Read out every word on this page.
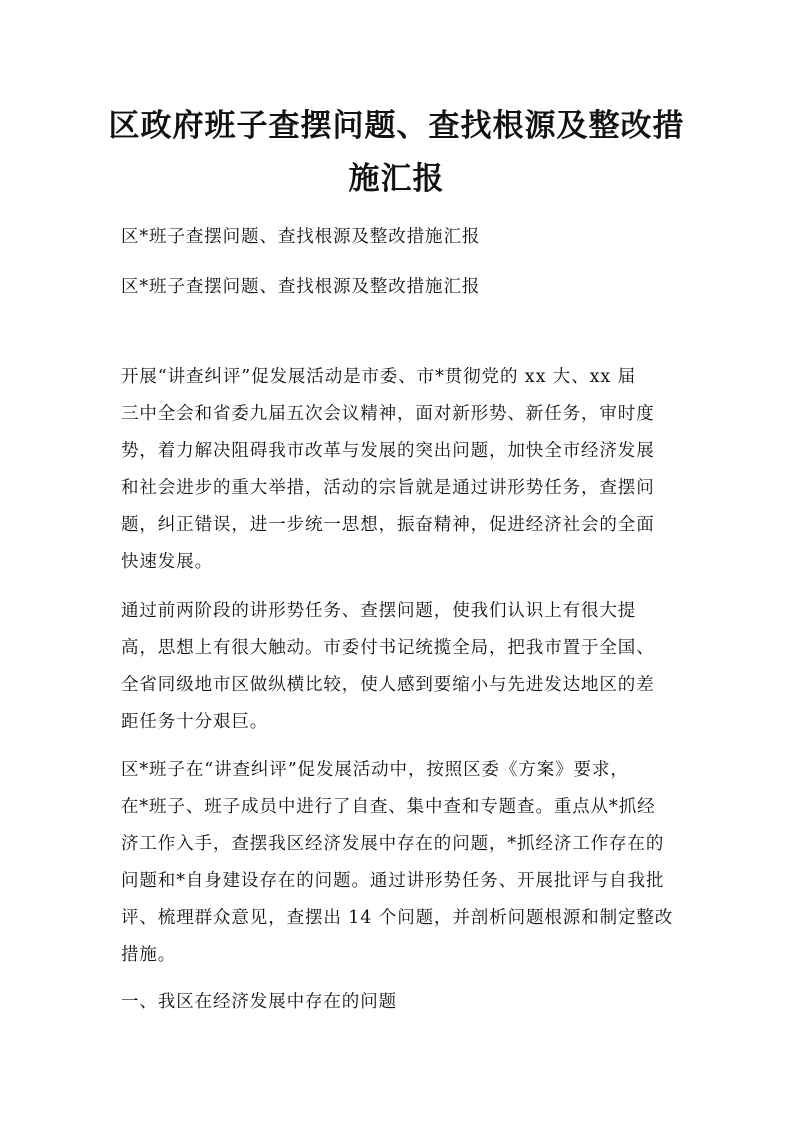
区政府班子查摆问题、查找根源及整改措
施汇报

区*班子查摆问题、查找根源及整改措施汇报

区*班子查摆问题、查找根源及整改措施汇报

开展“讲查纠评”促发展活动是市委、市*贯彻党的 xx 大、xx 届

三中全会和省委九届五次会议精神，面对新形势、新任务，审时度

势，着力解决阻碍我市改革与发展的突出问题，加快全市经济发展

和社会进步的重大举措，活动的宗旨就是通过讲形势任务，查摆问

题，纠正错误，进一步统一思想，振奋精神，促进经济社会的全面

快速发展。

通过前两阶段的讲形势任务、查摆问题，使我们认识上有很大提

高，思想上有很大触动。市委付书记统揽全局，把我市置于全国、

全省同级地市区做纵横比较，使人感到要缩小与先进发达地区的差

距任务十分艰巨。

区*班子在“讲查纠评”促发展活动中，按照区委《方案》要求，

在*班子、班子成员中进行了自查、集中查和专题查。重点从*抓经

济工作入手，查摆我区经济发展中存在的问题，*抓经济工作存在的

问题和*自身建设存在的问题。通过讲形势任务、开展批评与自我批

评、梳理群众意见，查摆出 14 个问题，并剖析问题根源和制定整改

措施。

一、我区在经济发展中存在的问题
